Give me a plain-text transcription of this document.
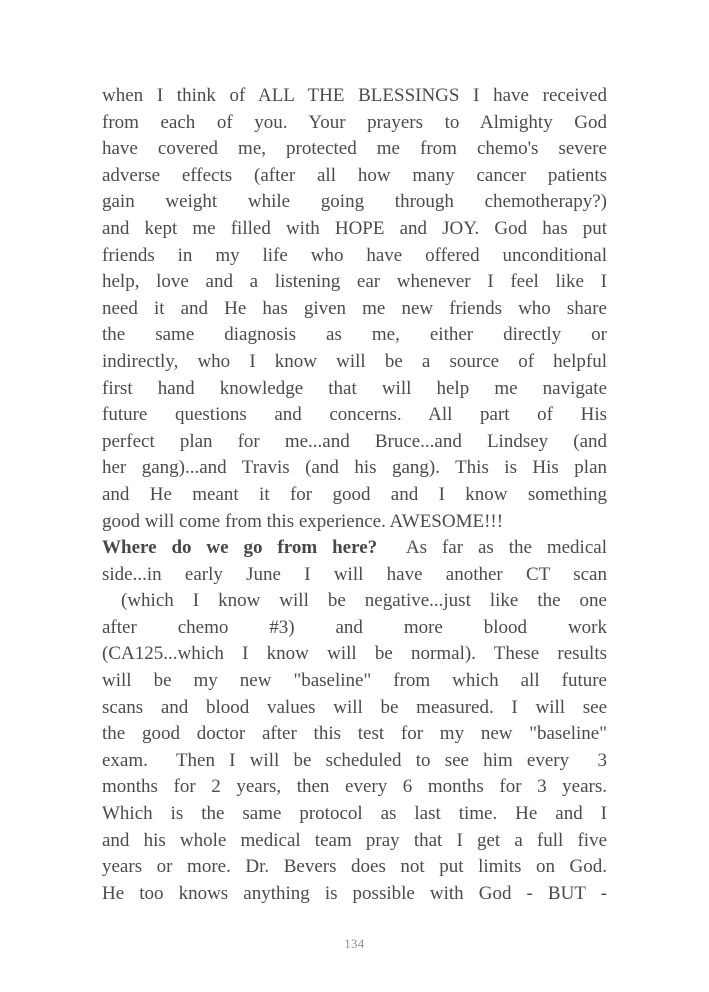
when I think of ALL THE BLESSINGS I have received
from each of you. Your prayers to Almighty God
have covered me, protected me from chemo's severe
adverse effects (after all how many cancer patients
gain weight while going through chemotherapy?)
and kept me filled with HOPE and JOY. God has put
friends in my life who have offered unconditional
help, love and a listening ear whenever I feel like I
need it and He has given me new friends who share
the same diagnosis as me, either directly or
indirectly, who I know will be a source of helpful
first hand knowledge that will help me navigate
future questions and concerns. All part of His
perfect plan for me...and Bruce...and Lindsey (and
her gang)...and Travis (and his gang). This is His plan
and He meant it for good and I know something
good will come from this experience. AWESOME!!!
Where do we go from here?  As far as the medical
side...in early June I will have another CT scan
(which I know will be negative...just like the one
after chemo #3) and more blood work
(CA125...which I know will be normal). These results
will be my new "baseline" from which all future
scans and blood values will be measured. I will see
the good doctor after this test for my new "baseline"
exam.  Then I will be scheduled to see him every  3
months for 2 years, then every 6 months for 3 years.
Which is the same protocol as last time. He and I
and his whole medical team pray that I get a full five
years or more. Dr. Bevers does not put limits on God.
He too knows anything is possible with God - BUT -
134
